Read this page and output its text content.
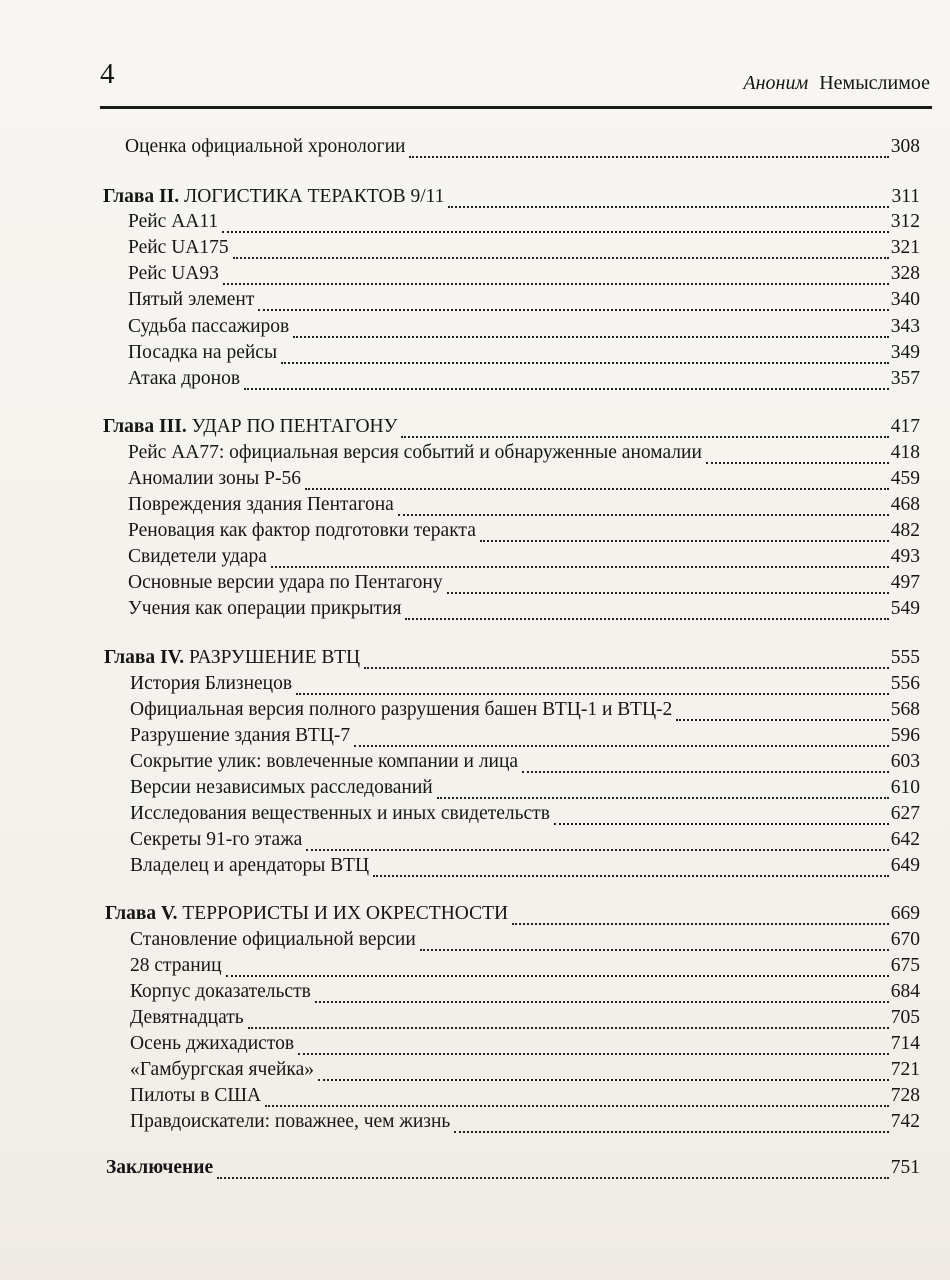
4	Аноним Немыслимое
Оценка официальной хронологии	308
Глава II. ЛОГИСТИКА ТЕРАКТОВ 9/11	311
Рейс AA11	312
Рейс UA175	321
Рейс UA93	328
Пятый элемент	340
Судьба пассажиров	343
Посадка на рейсы	349
Атака дронов	357
Глава III. УДАР ПО ПЕНТАГОНУ	417
Рейс AA77: официальная версия событий и обнаруженные аномалии	418
Аномалии зоны P-56	459
Повреждения здания Пентагона	468
Реновация как фактор подготовки теракта	482
Свидетели удара	493
Основные версии удара по Пентагону	497
Учения как операции прикрытия	549
Глава IV. РАЗРУШЕНИЕ ВТЦ	555
История Близнецов	556
Официальная версия полного разрушения башен ВТЦ-1 и ВТЦ-2	568
Разрушение здания ВТЦ-7	596
Сокрытие улик: вовлеченные компании и лица	603
Версии независимых расследований	610
Исследования вещественных и иных свидетельств	627
Секреты 91-го этажа	642
Владелец и арендаторы ВТЦ	649
Глава V. ТЕРРОРИСТЫ И ИХ ОКРЕСТНОСТИ	669
Становление официальной версии	670
28 страниц	675
Корпус доказательств	684
Девятнадцать	705
Осень джихадистов	714
«Гамбургская ячейка»	721
Пилоты в США	728
Правдоискатели: поважнее, чем жизнь	742
Заключение	751
